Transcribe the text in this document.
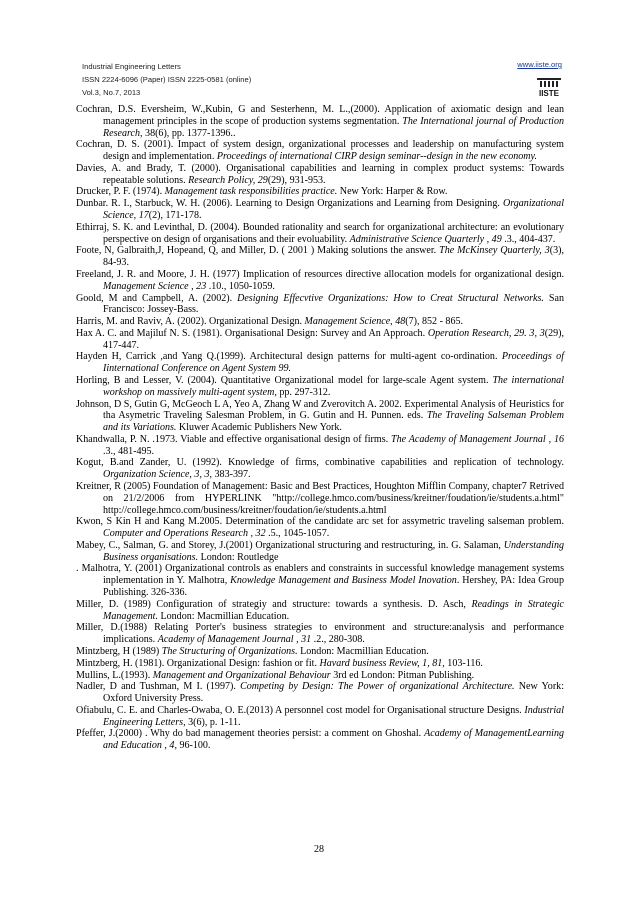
Industrial Engineering Letters
ISSN 2224-6096 (Paper) ISSN 2225-0581 (online)
Vol.3, No.7, 2013
www.iiste.org
IISTE

Cochran, D.S. Eversheim, W.,Kubin, G and Sesterhenn, M. L.,(2000). Application of axiomatic design and lean management principles in the scope of production systems segmentation. The International journal of Production Research, 38(6), pp. 1377-1396..

Cochran, D. S. (2001). Impact of system design, organizational processes and leadership on manufacturing system design and implementation. Proceedings of international CIRP design seminar--design in the new economy.

Davies, A. and Brady, T. (2000). Organisational capabilities and learning in complex product systems: Towards repeatable solutions. Research Policy, 29(29), 931-953.

Drucker, P. F. (1974). Management task responsibilities practice. New York: Harper & Row.

Dunbar. R. I., Starbuck, W. H. (2006). Learning to Design Organizations and Learning from Designing. Organizational Science, 17(2), 171-178.

Ethirraj, S. K. and Levinthal, D. (2004). Bounded rationality and search for organizational architecture: an evolutionary perspective on design of organisations and their evoluability. Administrative Science Quarterly , 49 .3., 404-437.

Foote, N, Galbraith,J, Hopeand, Q, and Miller, D. ( 2001 ) Making solutions the answer. The McKinsey Quarterly, 3(3), 84-93.

Freeland, J. R. and Moore, J. H. (1977) Implication of resources directive allocation models for organizational design. Management Science , 23 .10., 1050-1059.

Goold, M and Campbell, A. (2002). Designing Effecvtive Organizations: How to Creat Structural Networks. San Francisco: Jossey-Bass.

Harris, M. and Raviv, A. (2002). Organizational Design. Management Science, 48(7), 852 - 865.

Hax A. C. and Majiluf N. S. (1981). Organisational Design: Survey and An Approach. Operation Research, 29. 3, 3(29), 417-447.

Hayden H, Carrick ,and Yang Q.(1999). Architectural design patterns for multi-agent co-ordination. Proceedings of Iinternational Conference on Agent System 99.

Horling, B and Lesser, V. (2004). Quantitative Organizational model for large-scale Agent system. The international workshop on massively multi-agent system, pp. 297-312.

Johnson, D S, Gutin G, McGeoch L A, Yeo A, Zhang W and Zverovitch A. 2002. Experimental Analysis of Heuristics for tha Asymetric Traveling Salesman Problem, in G. Gutin and H. Punnen. eds. The Traveling Salseman Problem and its Variations. Kluwer Academic Publishers New York.

Khandwalla, P. N. .1973. Viable and effective organisational design of firms. The Academy of Management Journal , 16 .3., 481-495.

Kogut, B.and Zander, U. (1992). Knowledge of firms, combinative capabilities and replication of technology. Organization Science, 3, 3, 383-397.

Kreitner, R (2005) Foundation of Management: Basic and Best Practices, Houghton Mifflin Company, chapter7 Retrived on 21/2/2006 from HYPERLINK "http://college.hmco.com/business/kreitner/foudation/ie/students.a.html" http://college.hmco.com/business/kreitner/foudation/ie/students.a.html

Kwon, S Kin H and Kang M.2005. Determination of the candidate arc set for assymetric traveling salseman problem. Computer and Operations Research , 32 .5., 1045-1057.

Mabey, C., Salman, G. and Storey, J.(2001) Organizational structuring and restructuring, in. G. Salaman, Understanding Business organisations. London: Routledge

. Malhotra, Y. (2001) Organizational controls as enablers and constraints in successful knowledge management systems inplementation in Y. Malhotra, Knowledge Management and Business Model Inovation. Hershey, PA: Idea Group Publishing. 326-336.

Miller, D. (1989) Configuration of strategiy and structure: towards a synthesis. D. Asch, Readings in Strategic Management. London: Macmillian Education.

Miller, D.(1988) Relating Porter's business strategies to environment and structure:analysis and performance implications. Academy of Management Journal , 31 .2., 280-308.

Mintzberg, H (1989) The Structuring of Organizations. London: Macmillian Education.

Mintzberg, H. (1981). Organizational Design: fashion or fit. Havard business Review, 1, 81, 103-116.

Mullins, L.(1993). Management and Organizational Behaviour 3rd ed London: Pitman Publishing.

Nadler, D and Tushman, M I. (1997). Competing by Design: The Power of organizational Architecture. New York: Oxford University Press.

Ofiabulu, C. E. and Charles-Owaba, O. E.(2013) A personnel cost model for Organisational structure Designs. Industrial Engineering Letters, 3(6), p. 1-11.

Pfeffer, J.(2000) . Why do bad management theories persist: a comment on Ghoshal. Academy of ManagementLearning and Education , 4, 96-100.

28
